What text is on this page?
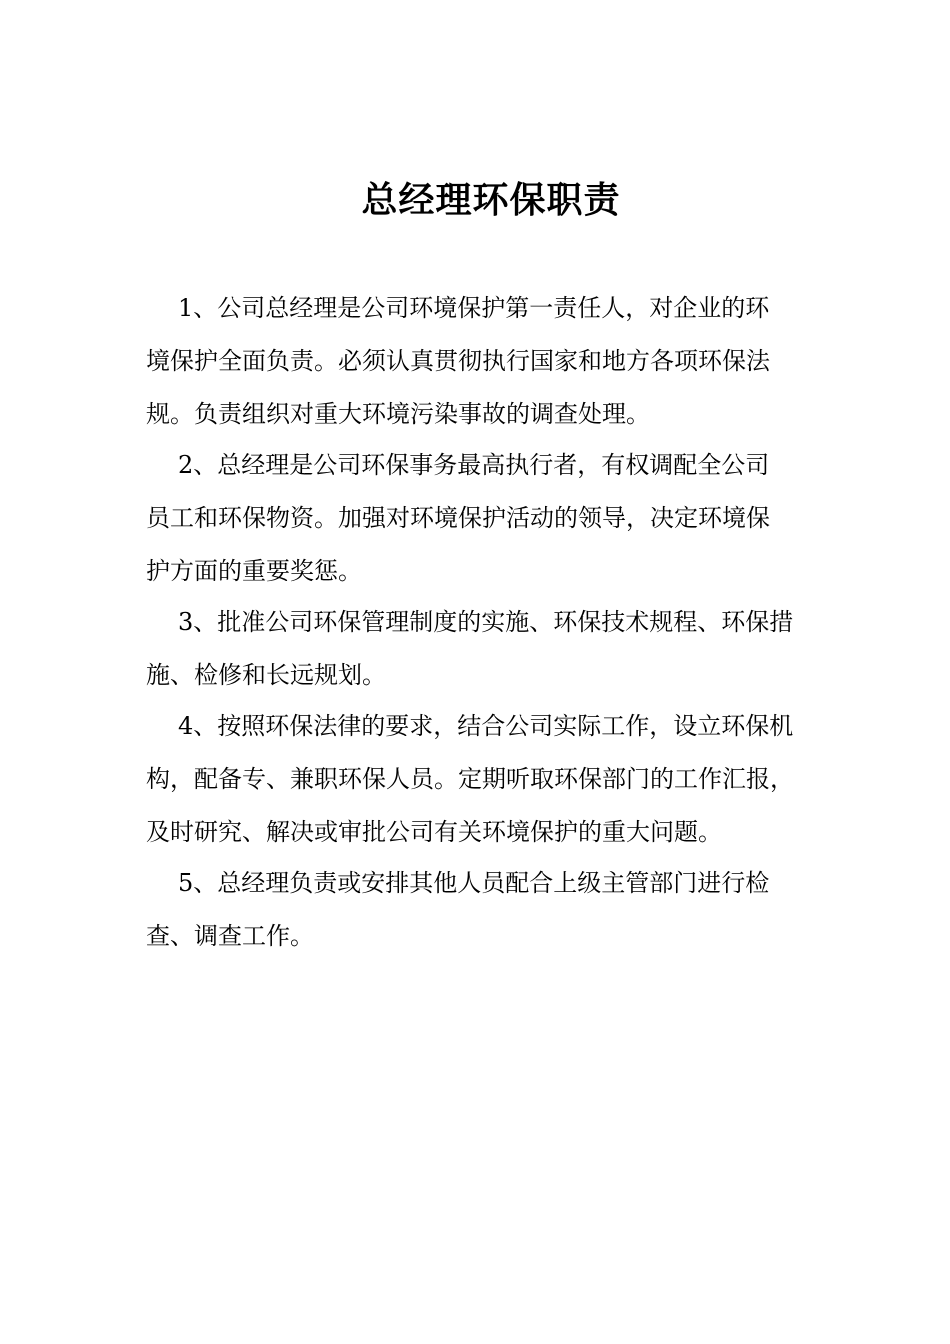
总经理环保职责

1、公司总经理是公司环境保护第一责任人，对企业的环
境保护全面负责。必须认真贯彻执行国家和地方各项环保法
规。负责组织对重大环境污染事故的调查处理。

2、总经理是公司环保事务最高执行者，有权调配全公司
员工和环保物资。加强对环境保护活动的领导，决定环境保
护方面的重要奖惩。

3、批准公司环保管理制度的实施、环保技术规程、环保措
施、检修和长远规划。

4、按照环保法律的要求，结合公司实际工作，设立环保机
构，配备专、兼职环保人员。定期听取环保部门的工作汇报，
及时研究、解决或审批公司有关环境保护的重大问题。

5、总经理负责或安排其他人员配合上级主管部门进行检
查、调查工作。
